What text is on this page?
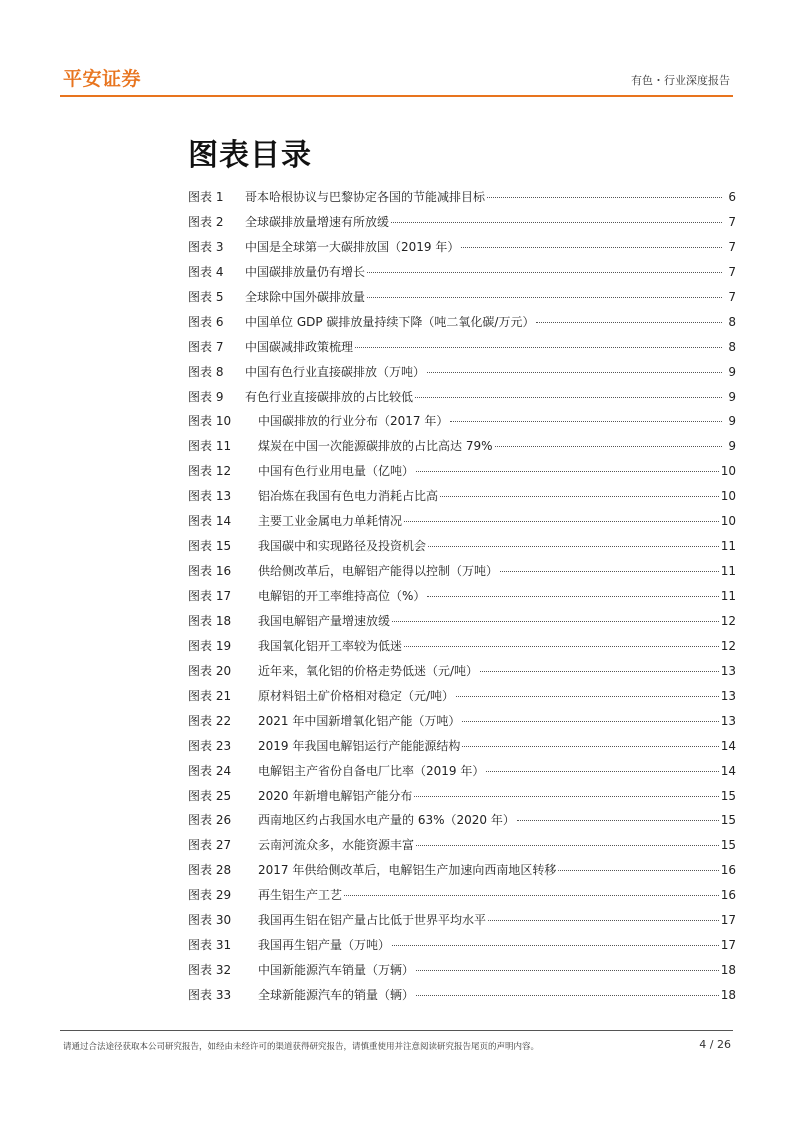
平安证券	有色・行业深度报告
图表目录
图表 1	哥本哈根协议与巴黎协定各国的节能减排目标	6
图表 2	全球碳排放量增速有所放缓	7
图表 3	中国是全球第一大碳排放国（2019 年）	7
图表 4	中国碳排放量仍有增长	7
图表 5	全球除中国外碳排放量	7
图表 6	中国单位 GDP 碳排放量持续下降（吨二氧化碳/万元）	8
图表 7	中国碳减排政策梳理	8
图表 8	中国有色行业直接碳排放（万吨）	9
图表 9	有色行业直接碳排放的占比较低	9
图表 10	中国碳排放的行业分布（2017 年）	9
图表 11	煤炭在中国一次能源碳排放的占比高达 79%	9
图表 12	中国有色行业用电量（亿吨）	10
图表 13	铝冶炼在我国有色电力消耗占比高	10
图表 14	主要工业金属电力单耗情况	10
图表 15	我国碳中和实现路径及投资机会	11
图表 16	供给侧改革后，电解铝产能得以控制（万吨）	11
图表 17	电解铝的开工率维持高位（%）	11
图表 18	我国电解铝产量增速放缓	12
图表 19	我国氧化铝开工率较为低迷	12
图表 20	近年来，氧化铝的价格走势低迷（元/吨）	13
图表 21	原材料铝土矿价格相对稳定（元/吨）	13
图表 22	2021 年中国新增氧化铝产能（万吨）	13
图表 23	2019 年我国电解铝运行产能能源结构	14
图表 24	电解铝主产省份自备电厂比率（2019 年）	14
图表 25	2020 年新增电解铝产能分布	15
图表 26	西南地区约占我国水电产量的 63%（2020 年）	15
图表 27	云南河流众多，水能资源丰富	15
图表 28	2017 年供给侧改革后，电解铝生产加速向西南地区转移	16
图表 29	再生铝生产工艺	16
图表 30	我国再生铝在铝产量占比低于世界平均水平	17
图表 31	我国再生铝产量（万吨）	17
图表 32	中国新能源汽车销量（万辆）	18
图表 33	全球新能源汽车的销量（辆）	18
请通过合法途径获取本公司研究报告，如经由未经许可的渠道获得研究报告，请慎重使用并注意阅读研究报告尾页的声明内容。	4 / 26
